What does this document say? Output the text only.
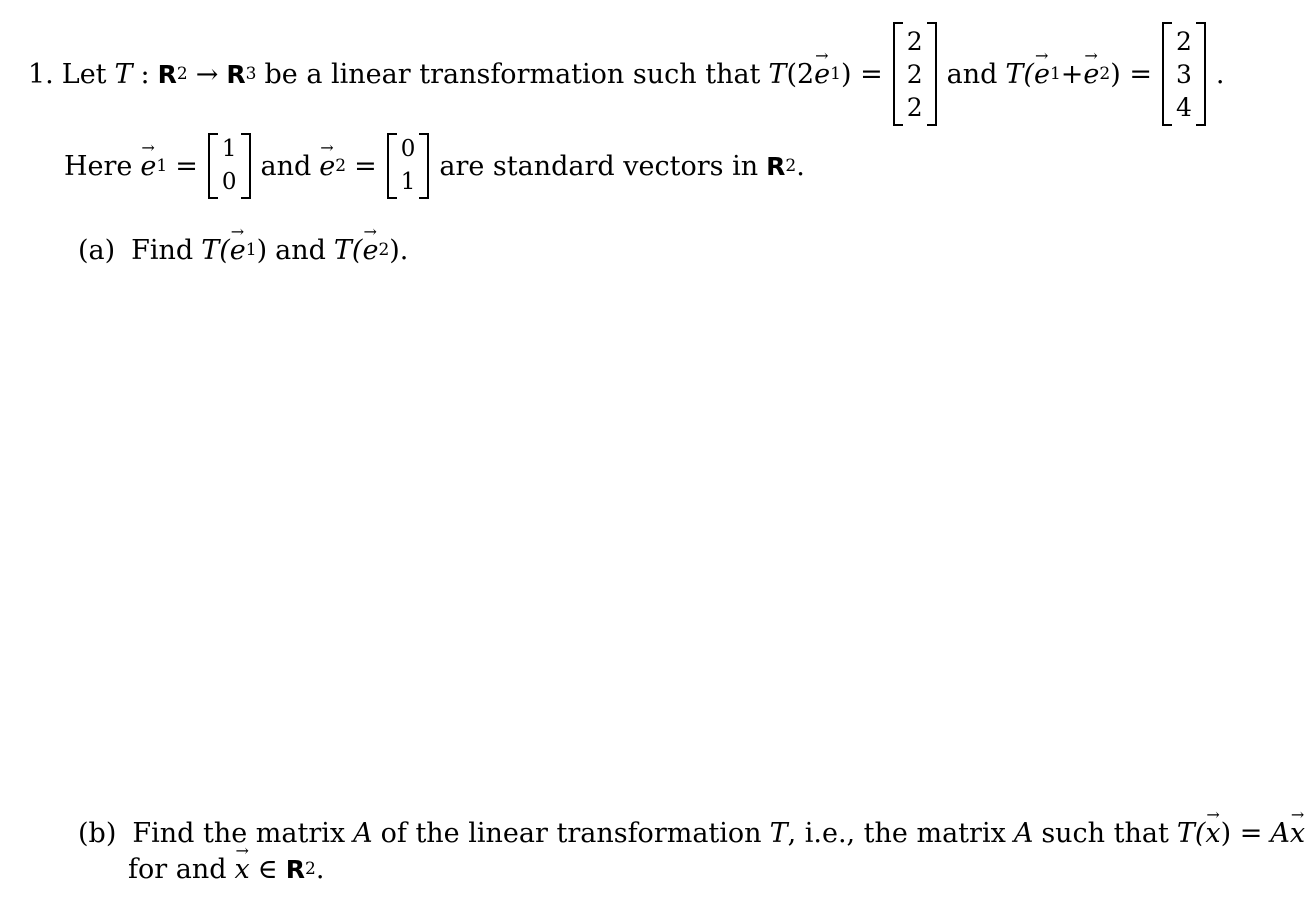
1. Let T : R 2 → R 3 be a linear transformation such that T (2 → e 1 ) =
2
2
2
and T( → e 1 + → e 2 ) =
2
3
4
.
Here → e 1 =
1
0
and → e 2 =
0
1
are standard vectors in R 2 .
(a) Find T( → e 1 ) and T( → e 2 ).
(b) Find the matrix A of the linear transformation T , i.e., the matrix A such that T( → x ) = A → x
for and → x ∈ R 2 .
